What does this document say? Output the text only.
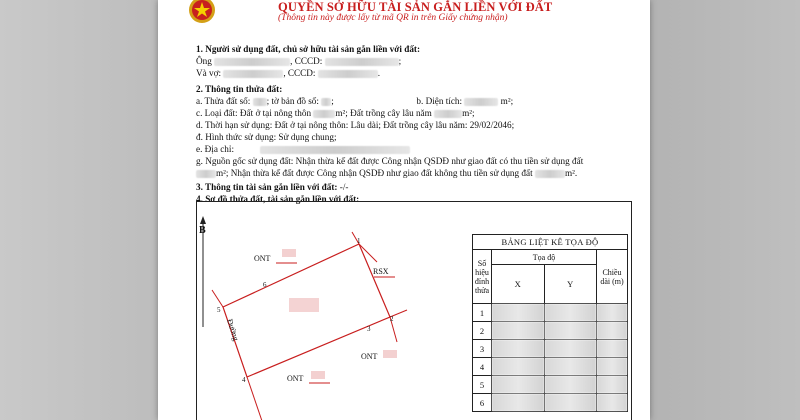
QUYỀN SỞ HỮU TÀI SẢN GẮN LIỀN VỚI ĐẤT
(Thông tin này được lấy từ mã QR in trên Giấy chứng nhận)
1. Người sử dụng đất, chủ sở hữu tài sản gắn liền với đất:
Ông	, CCCD:	;
Và vợ:	, CCCD:	.
2. Thông tin thửa đất:
a. Thửa đất số: ; tờ bản đồ số: ;	b. Diện tích:	m²;
c. Loại đất: Đất ở tại nông thôn	m²; Đất trồng cây lâu năm	m²;
d. Thời hạn sử dụng: Đất ở tại nông thôn: Lâu dài; Đất trồng cây lâu năm: 29/02/2046;
đ. Hình thức sử dụng: Sử dụng chung;
e. Địa chỉ:
g. Nguồn gốc sử dụng đất: Nhận thừa kế đất được Công nhận QSDĐ như giao đất có thu tiền sử dụng đất
m²; Nhận thừa kế đất được Công nhận QSDĐ như giao đất không thu tiền sử dụng đất	m².
3. Thông tin tài sản gắn liền với đất: -/-
4. Sơ đồ thửa đất, tài sản gắn liền với đất:
B
1
2
3
4
5
6
ONT
RSX
ONT
ONT
Đường
BẢNG LIỆT KÊ TỌA ĐỘ			
Số hiệu đỉnh thửa	Tọa độ		Chiều dài (m)
	X	Y	
1			
2			
3			
4			
5			
6			
